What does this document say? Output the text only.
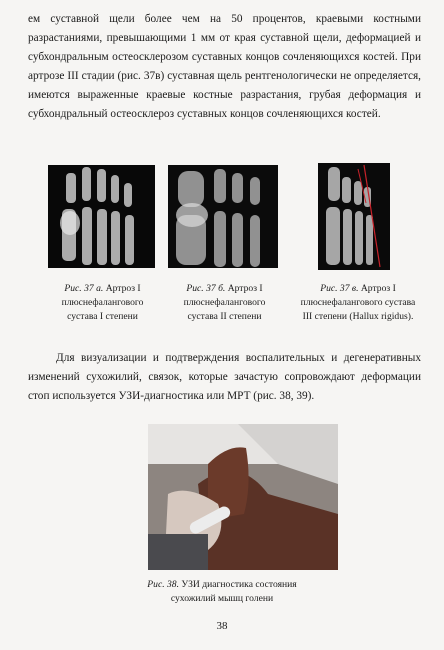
ем суставной щели более чем на 50 процентов, краевыми костными разрастаниями, превышающими 1 мм от края суставной щели, деформацией и субхондральным остеосклерозом суставных концов сочленяющихся костей. При артрозе III стадии (рис. 37в) суставная щель рентгенологически не определяется, имеются выраженные краевые костные разрастания, грубая деформация и субхондральный остеосклероз суставных концов сочленяющихся костей.

Рис. 37 а. Артроз I
плюснефалангового
сустава I степени
Рис. 37 б. Артроз I
плюснефалангового
сустава II степени
Рис. 37 в. Артроз I
плюснефалангового сустава
III степени (Hallux rigidus).

Для визуализации и подтверждения воспалительных и дегенеративных изменений сухожилий, связок, которые зачастую сопровождают деформации стоп используется УЗИ-диагностика или МРТ (рис. 38, 39).

Рис. 38. УЗИ диагностика состояния
сухожилий мышц голени
38
